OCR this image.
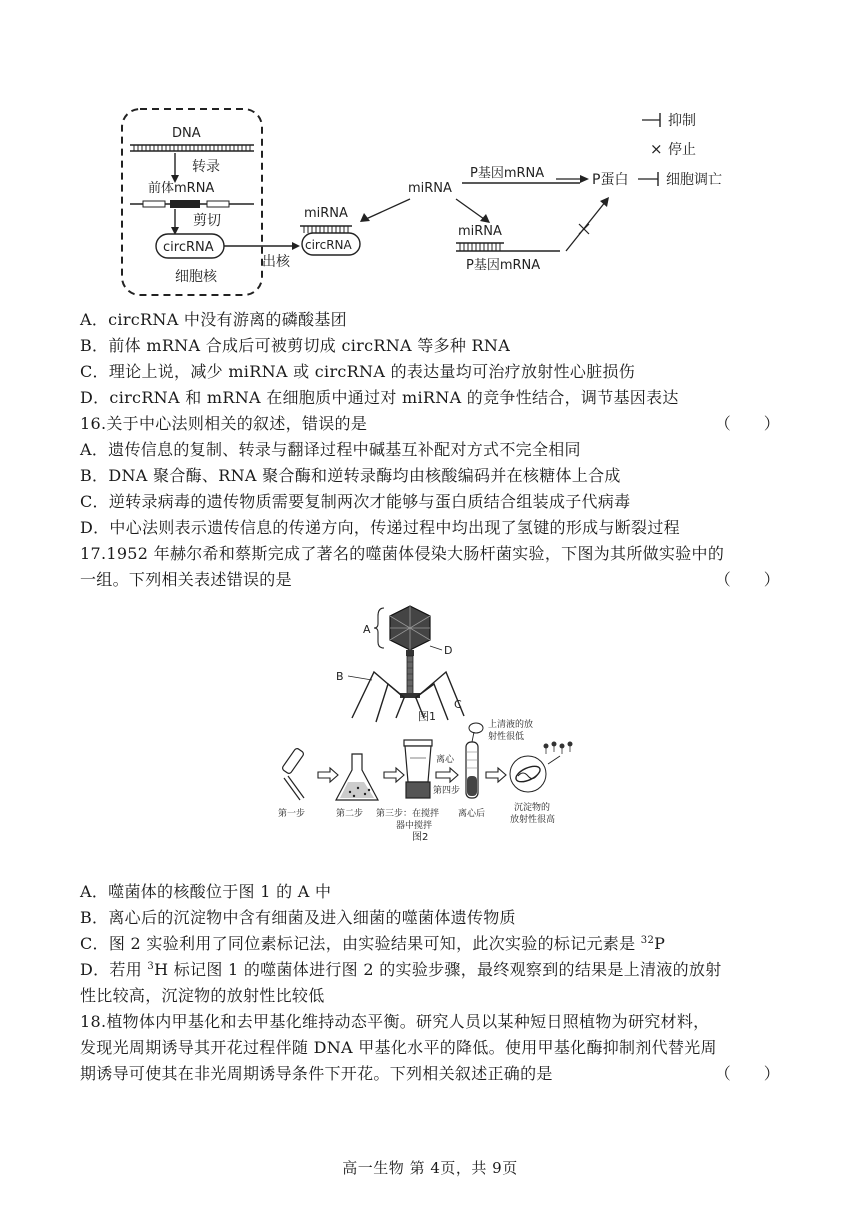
DNA
转录
前体mRNA
剪切
circRNA
细胞核
出核
miRNA
circRNA
miRNA
P基因mRNA	P蛋白	细胞调亡
抑制
× 停止
miRNA
P基因mRNA
A．circRNA 中没有游离的磷酸基团
B．前体 mRNA 合成后可被剪切成 circRNA 等多种 RNA
C．理论上说，减少 miRNA 或 circRNA 的表达量均可治疗放射性心脏损伤
D．circRNA 和 mRNA 在细胞质中通过对 miRNA 的竞争性结合，调节基因表达
16.关于中心法则相关的叙述，错误的是	（　　）
A．遗传信息的复制、转录与翻译过程中碱基互补配对方式不完全相同
B．DNA 聚合酶、RNA 聚合酶和逆转录酶均由核酸编码并在核糖体上合成
C．逆转录病毒的遗传物质需要复制两次才能够与蛋白质结合组装成子代病毒
D．中心法则表示遗传信息的传递方向，传递过程中均出现了氢键的形成与断裂过程
17.1952 年赫尔希和蔡斯完成了著名的噬菌体侵染大肠杆菌实验，下图为其所做实验中的
一组。下列相关表述错误的是	（　　）
A
D
B
C
图1
离心
第四步
上清液的放
射性很低
第一步	第二步 第三步：在搅拌
器中搅拌
离心后
沉淀物的
放射性很高
图2
A．噬菌体的核酸位于图 1 的 A 中
B．离心后的沉淀物中含有细菌及进入细菌的噬菌体遗传物质
C．图 2 实验利用了同位素标记法，由实验结果可知，此次实验的标记元素是 $^{32}$P
D．若用 $^3$H 标记图 1 的噬菌体进行图 2 的实验步骤，最终观察到的结果是上清液的放射
性比较高，沉淀物的放射性比较低
18.植物体内甲基化和去甲基化维持动态平衡。研究人员以某种短日照植物为研究材料，
发现光周期诱导其开花过程伴随 DNA 甲基化水平的降低。使用甲基化酶抑制剂代替光周
期诱导可使其在非光周期诱导条件下开花。下列相关叙述正确的是	（　　）
高一生物 第 4页，共 9页
